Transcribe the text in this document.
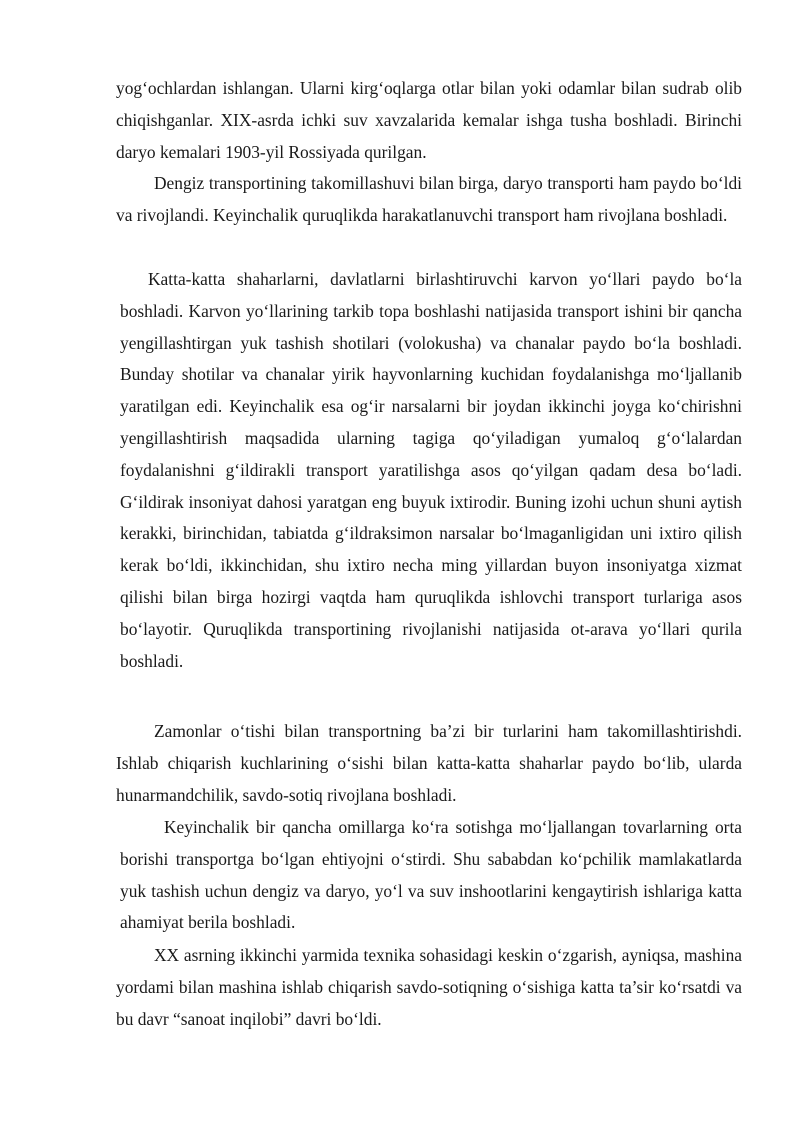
yog‘ochlardan ishlangan. Ularni kirg‘oqlarga otlar bilan yoki odamlar bilan sudrab olib chiqishganlar. XIX-asrda ichki suv xavzalarida kemalar ishga tusha boshladi. Birinchi daryo kemalari 1903-yil Rossiyada qurilgan.

Dengiz transportining takomillashuvi bilan birga, daryo transporti ham paydo bo‘ldi va rivojlandi. Keyinchalik quruqlikda harakatlanuvchi transport ham rivojlana boshladi.

Katta-katta shaharlarni, davlatlarni birlashtiruvchi karvon yo‘llari paydo bo‘la boshladi. Karvon yo‘llarining tarkib topa boshlashi natijasida transport ishini bir qancha yengillashtirgan yuk tashish shotilari (volokusha) va chanalar paydo bo‘la boshladi. Bunday shotilar va chanalar yirik hayvonlarning kuchidan foydalanishga mo‘ljallanib yaratilgan edi. Keyinchalik esa og‘ir narsalarni bir joydan ikkinchi joyga ko‘chirishni yengillashtirish maqsadida ularning tagiga qo‘yiladigan yumaloq g‘o‘lalardan foydalanishni g‘ildirakli transport yaratilishga asos qo‘yilgan qadam desa bo‘ladi. G‘ildirak insoniyat dahosi yaratgan eng buyuk ixtirodir. Buning izohi uchun shuni aytish kerakki, birinchidan, tabiatda g‘ildraksimon narsalar bo‘lmaganligidan uni ixtiro qilish kerak bo‘ldi, ikkinchidan, shu ixtiro necha ming yillardan buyon insoniyatga xizmat qilishi bilan birga hozirgi vaqtda ham quruqlikda ishlovchi transport turlariga asos bo‘layotir. Quruqlikda transportining rivojlanishi natijasida ot-arava yo‘llari qurila boshladi.

Zamonlar o‘tishi bilan transportning ba’zi bir turlarini ham takomillashtirishdi. Ishlab chiqarish kuchlarining o‘sishi bilan katta-katta shaharlar paydo bo‘lib, ularda hunarmandchilik, savdo-sotiq rivojlana boshladi.

Keyinchalik bir qancha omillarga ko‘ra sotishga mo‘ljallangan tovarlarning orta borishi transportga bo‘lgan ehtiyojni o‘stirdi. Shu sababdan ko‘pchilik mamlakatlarda yuk tashish uchun dengiz va daryo, yo‘l va suv inshootlarini kengaytirish ishlariga katta ahamiyat berila boshladi.

XX asrning ikkinchi yarmida texnika sohasidagi keskin o‘zgarish, ayniqsa, mashina yordami bilan mashina ishlab chiqarish savdo-sotiqning o‘sishiga katta ta’sir ko‘rsatdi va bu davr “sanoat inqilobi” davri bo‘ldi.
